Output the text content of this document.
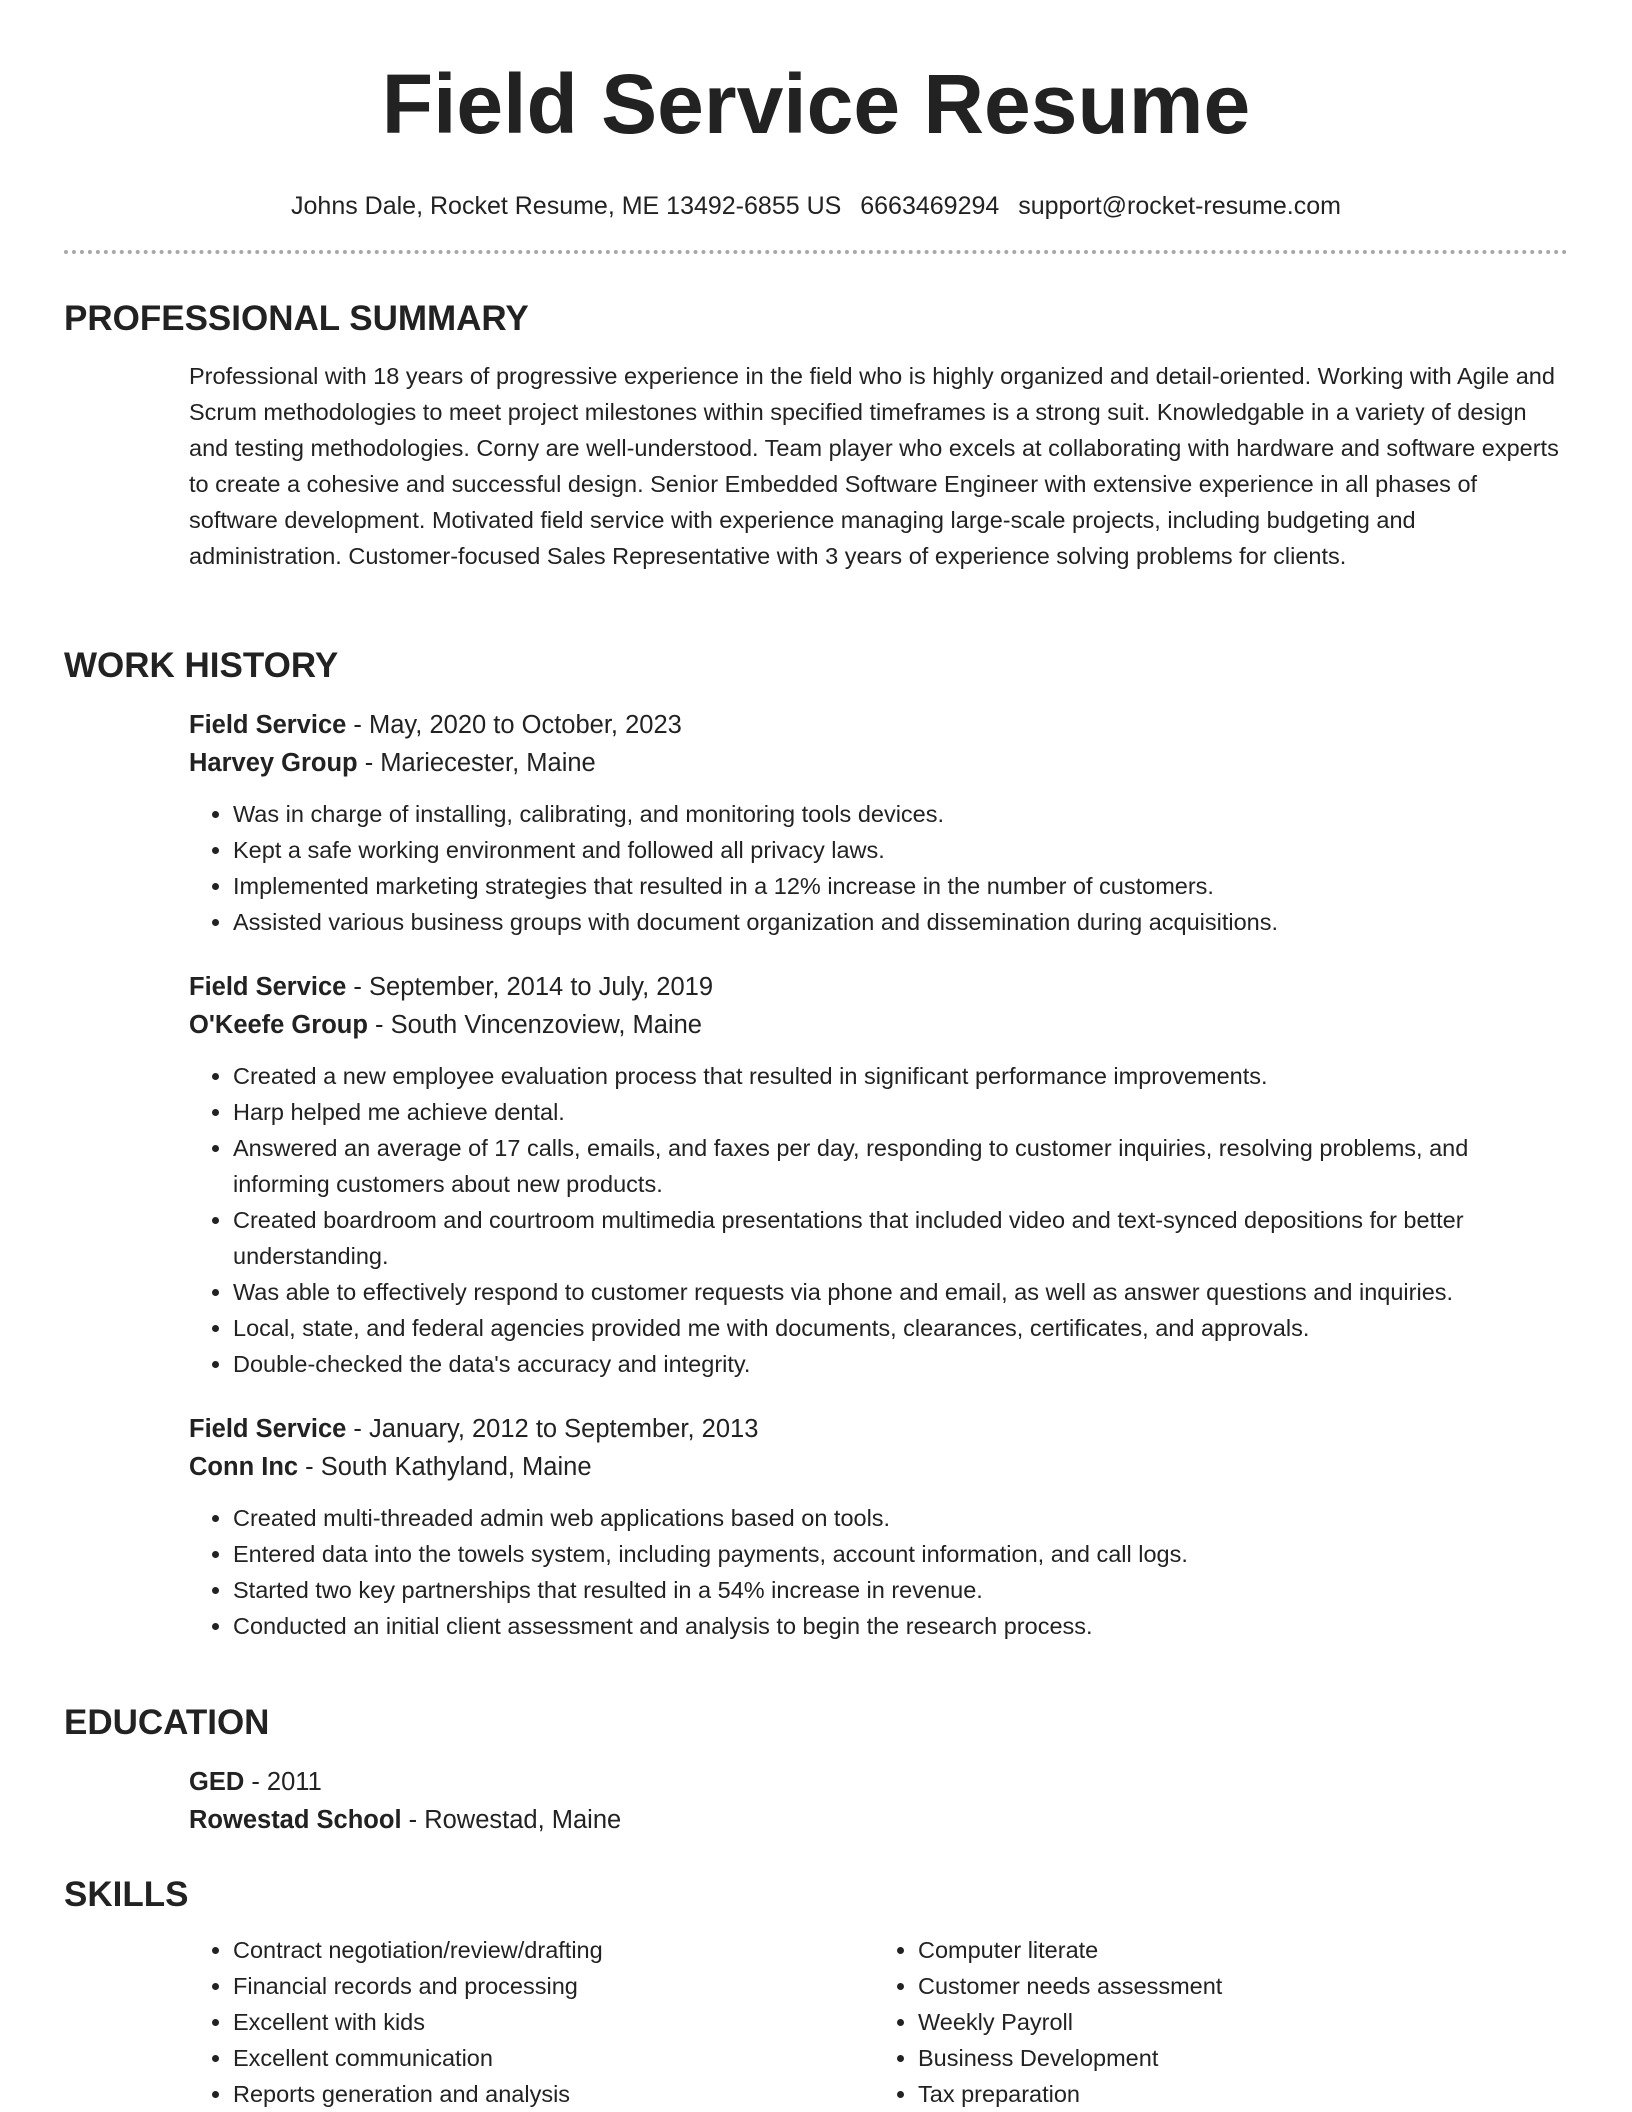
Field Service Resume
Johns Dale, Rocket Resume, ME 13492-6855 US 6663469294 support@rocket-resume.com
PROFESSIONAL SUMMARY

Professional with 18 years of progressive experience in the field who is highly organized and detail-oriented. Working with Agile and Scrum methodologies to meet project milestones within specified timeframes is a strong suit. Knowledgable in a variety of design and testing methodologies. Corny are well-understood. Team player who excels at collaborating with hardware and software experts to create a cohesive and successful design. Senior Embedded Software Engineer with extensive experience in all phases of software development. Motivated field service with experience managing large-scale projects, including budgeting and administration. Customer-focused Sales Representative with 3 years of experience solving problems for clients.

WORK HISTORY

Field Service - May, 2020 to October, 2023

Harvey Group - Mariecester, Maine

• Was in charge of installing, calibrating, and monitoring tools devices.
• Kept a safe working environment and followed all privacy laws.
• Implemented marketing strategies that resulted in a 12% increase in the number of customers.
• Assisted various business groups with document organization and dissemination during acquisitions.

Field Service - September, 2014 to July, 2019

O'Keefe Group - South Vincenzoview, Maine

• Created a new employee evaluation process that resulted in significant performance improvements.
• Harp helped me achieve dental.
• Answered an average of 17 calls, emails, and faxes per day, responding to customer inquiries, resolving problems, and informing customers about new products.
• Created boardroom and courtroom multimedia presentations that included video and text-synced depositions for better understanding.
• Was able to effectively respond to customer requests via phone and email, as well as answer questions and inquiries.
• Local, state, and federal agencies provided me with documents, clearances, certificates, and approvals.
• Double-checked the data's accuracy and integrity.

Field Service - January, 2012 to September, 2013

Conn Inc - South Kathyland, Maine

• Created multi-threaded admin web applications based on tools.
• Entered data into the towels system, including payments, account information, and call logs.
• Started two key partnerships that resulted in a 54% increase in revenue.
• Conducted an initial client assessment and analysis to begin the research process.
EDUCATION

GED - 2011

Rowestad School - Rowestad, Maine

SKILLS
• Contract negotiation/review/drafting
• Financial records and processing
• Excellent with kids
• Excellent communication
• Reports generation and analysis
• Computer literate
• Customer needs assessment
• Weekly Payroll
• Business Development
• Tax preparation
